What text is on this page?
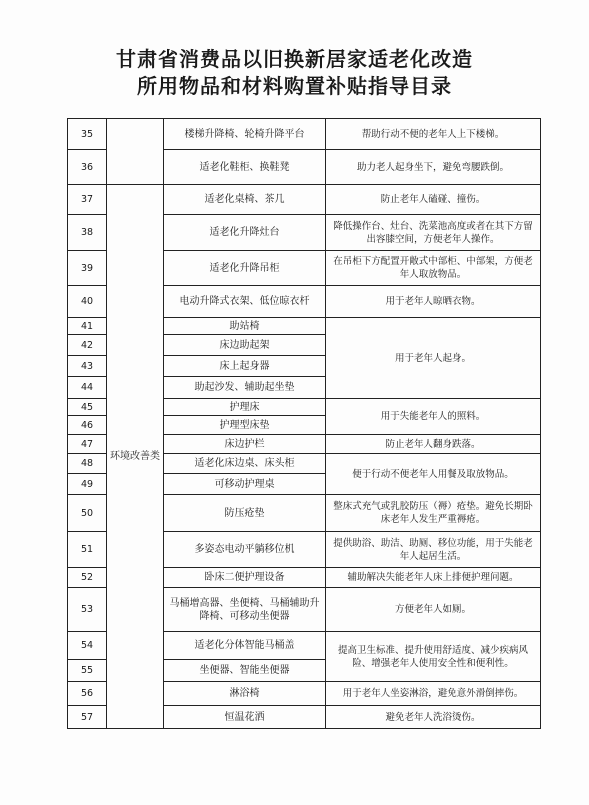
甘肃省消费品以旧换新居家适老化改造
所用物品和材料购置补贴指导目录
35		楼梯升降椅、轮椅升降平台	帮助行动不便的老年人上下楼梯。
36		适老化鞋柜、换鞋凳	助力老人起身坐下，避免弯腰跌倒。
37	环境改善类	适老化桌椅、茶几	防止老年人磕碰、撞伤。
38		适老化升降灶台	降低操作台、灶台、洗菜池高度或者在其下方留出容膝空间，方便老年人操作。
39		适老化升降吊柜	在吊柜下方配置开敞式中部柜、中部架，方便老年人取放物品。
40		电动升降式衣架、低位晾衣杆	用于老年人晾晒衣物。
41		助站椅	用于老年人起身。
42		床边助起架	
43		床上起身器	
44		助起沙发、辅助起坐垫	
45		护理床	用于失能老年人的照料。
46		护理型床垫	
47		床边护栏	防止老年人翻身跌落。
48		适老化床边桌、床头柜	便于行动不便老年人用餐及取放物品。
49		可移动护理桌	
50		防压疮垫	整床式充气或乳胶防压（褥）疮垫。避免长期卧床老年人发生严重褥疮。
51		多姿态电动平躺移位机	提供助浴、助洁、助厕、移位功能，用于失能老年人起居生活。
52		卧床二便护理设备	辅助解决失能老年人床上排便护理问题。
53		马桶增高器、坐便椅、马桶辅助升降椅、可移动坐便器	方便老年人如厕。
54		适老化分体智能马桶盖	提高卫生标准、提升使用舒适度、减少疾病风险、增强老年人使用安全性和便利性。
55		坐便器、智能坐便器	
56		淋浴椅	用于老年人坐姿淋浴，避免意外滑倒摔伤。
57		恒温花洒	避免老年人洗浴烫伤。
